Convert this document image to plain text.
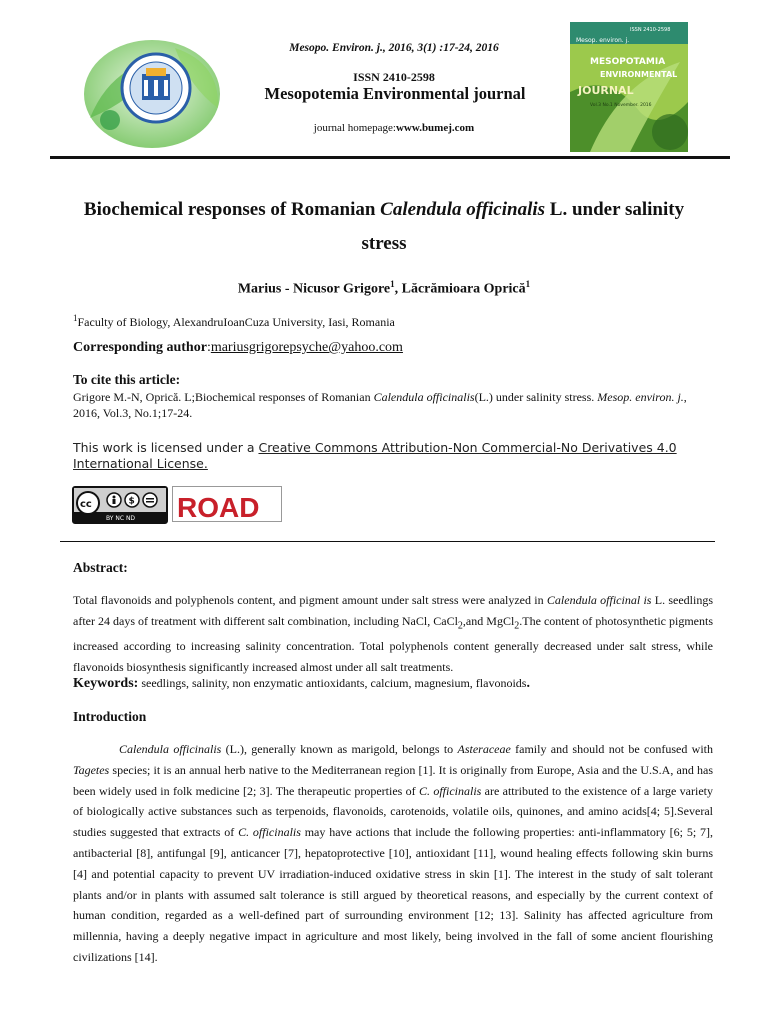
Mesopo. Environ. j., 2016, 3(1) :17-24, 2016
ISSN 2410-2598
Mesopotemia Environmental journal
journal homepage:www.bumej.com
ISSN 2410-2598
Mesop. environ. j.
MESOPOTAMIA
ENVIRONMENTAL
JOURNAL
Vol.3 No.1 November. 2016
Biochemical responses of Romanian Calendula officinalis L. under salinity stress
Marius - Nicusor Grigore$^1$, Lăcrămioara Oprică$^1$
$^1$Faculty of Biology, AlexandruIoanCuza University, Iasi, Romania
Corresponding author:mariusgrigorepsyche@yahoo.com
To cite this article:
Grigore M.-N, Oprică. L;Biochemical responses of Romanian Calendula officinalis(L.) under salinity stress. Mesop. environ. j., 2016, Vol.3, No.1;17-24.
This work is licensed under a Creative Commons Attribution-Non Commercial-No Derivatives 4.0 International License.
cc	$
BY NC ND ROAD
Abstract:
Total flavonoids and polyphenols content, and pigment amount under salt stress were analyzed in Calendula officinal is L. seedlings after 24 days of treatment with different salt combination, including NaCl, CaCl$_2$,and MgCl$_2$.The content of photosynthetic pigments increased according to increasing salinity concentration. Total polyphenols content generally decreased under salt stress, while flavonoids biosynthesis significantly increased almost under all salt treatments.
Keywords: seedlings, salinity, non enzymatic antioxidants, calcium, magnesium, flavonoids.
Introduction

Calendula officinalis (L.), generally known as marigold, belongs to Asteraceae family and should not be confused with Tagetes species; it is an annual herb native to the Mediterranean region [1]. It is originally from Europe, Asia and the U.S.A, and has been widely used in folk medicine [2; 3]. The therapeutic properties of C. officinalis are attributed to the existence of a large variety of biologically active substances such as terpenoids, flavonoids, carotenoids, volatile oils, quinones, and amino acids[4; 5].Several studies suggested that extracts of C. officinalis may have actions that include the following properties: anti-inflammatory [6; 5; 7], antibacterial [8], antifungal [9], anticancer [7], hepatoprotective [10], antioxidant [11], wound healing effects following skin burns [4] and potential capacity to prevent UV irradiation-induced oxidative stress in skin [1]. The interest in the study of salt tolerant plants and/or in plants with assumed salt tolerance is still argued by theoretical reasons, and especially by the current context of human condition, regarded as a well-defined part of surrounding environment [12; 13]. Salinity has affected agriculture from millennia, having a deeply negative impact in agriculture and most likely, being involved in the fall of some ancient flourishing civilizations [14].
